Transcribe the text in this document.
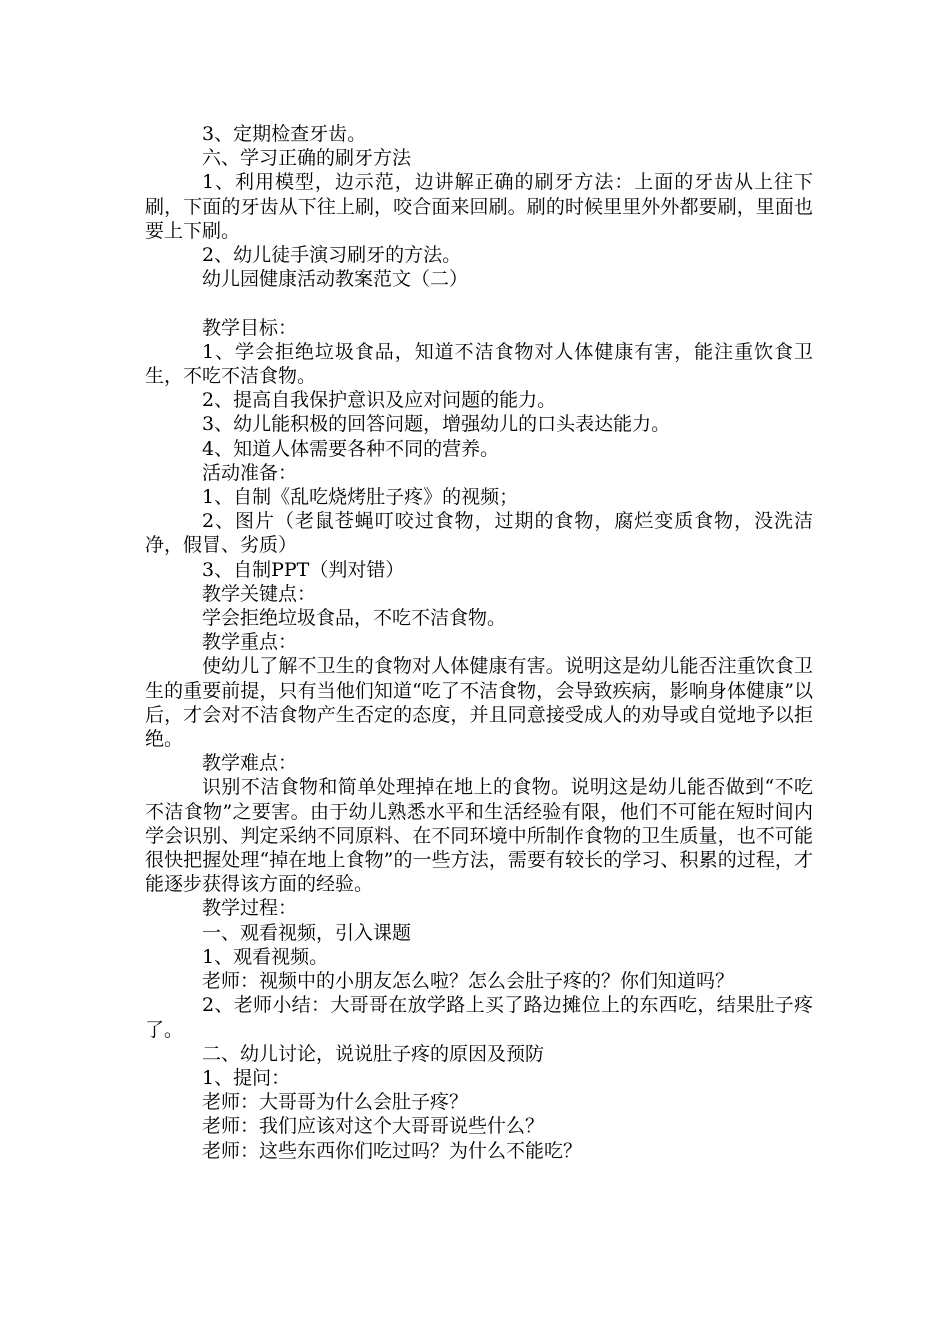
3、定期检查牙齿。

六、学习正确的刷牙方法

1、利用模型，边示范，边讲解正确的刷牙方法：上面的牙齿从上往下刷，下面的牙齿从下往上刷，咬合面来回刷。刷的时候里里外外都要刷，里面也要上下刷。

2、幼儿徒手演习刷牙的方法。

幼儿园健康活动教案范文（二）

教学目标：

1、学会拒绝垃圾食品，知道不洁食物对人体健康有害，能注重饮食卫生，不吃不洁食物。

2、提高自我保护意识及应对问题的能力。

3、幼儿能积极的回答问题，增强幼儿的口头表达能力。

4、知道人体需要各种不同的营养。

活动准备：

1、自制《乱吃烧烤肚子疼》的视频；

2、图片（老鼠苍蝇叮咬过食物，过期的食物，腐烂变质食物，没洗洁净，假冒、劣质）

3、自制PPT（判对错）

教学关键点：

学会拒绝垃圾食品，不吃不洁食物。

教学重点：

使幼儿了解不卫生的食物对人体健康有害。说明这是幼儿能否注重饮食卫生的重要前提，只有当他们知道“吃了不洁食物，会导致疾病，影响身体健康”以后，才会对不洁食物产生否定的态度，并且同意接受成人的劝导或自觉地予以拒绝。

教学难点：

识别不洁食物和简单处理掉在地上的食物。说明这是幼儿能否做到“不吃不洁食物”之要害。由于幼儿熟悉水平和生活经验有限，他们不可能在短时间内学会识别、判定采纳不同原料、在不同环境中所制作食物的卫生质量，也不可能很快把握处理“掉在地上食物”的一些方法，需要有较长的学习、积累的过程，才能逐步获得该方面的经验。

教学过程：

一、观看视频，引入课题

1、观看视频。

老师：视频中的小朋友怎么啦？怎么会肚子疼的？你们知道吗？

2、老师小结：大哥哥在放学路上买了路边摊位上的东西吃，结果肚子疼了。

二、幼儿讨论，说说肚子疼的原因及预防

1、提问：

老师：大哥哥为什么会肚子疼？

老师：我们应该对这个大哥哥说些什么？

老师：这些东西你们吃过吗？为什么不能吃？
